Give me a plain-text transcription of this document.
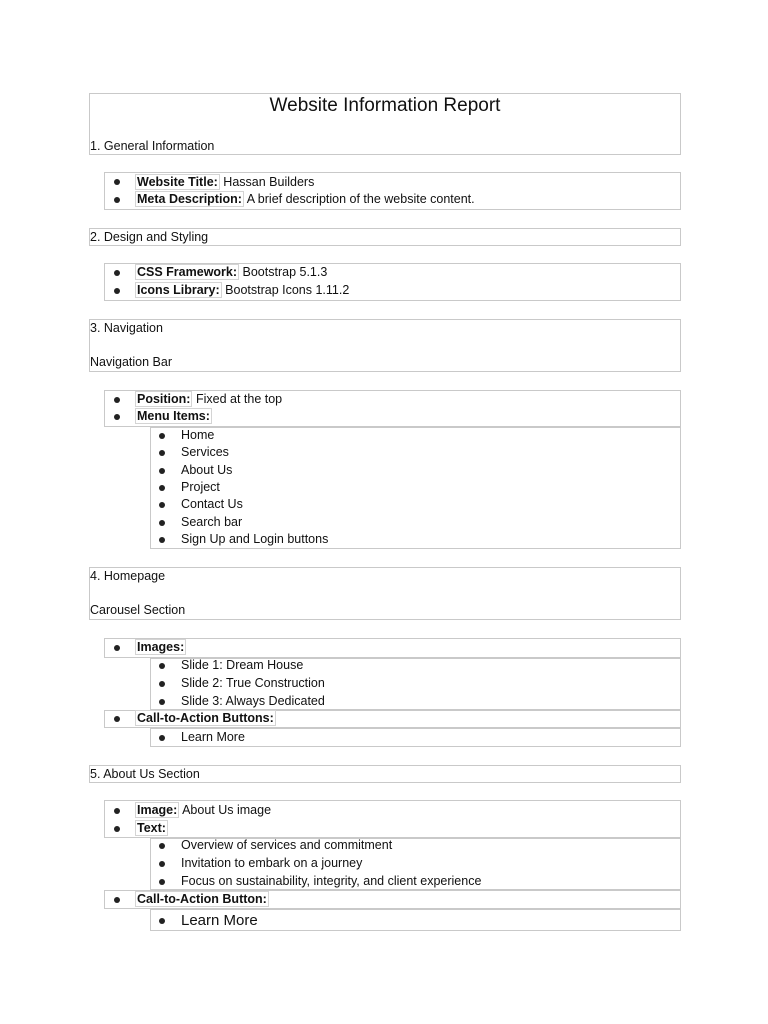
Website Information Report
1. General Information
Website Title: Hassan Builders
Meta Description: A brief description of the website content.
2. Design and Styling
CSS Framework: Bootstrap 5.1.3
Icons Library: Bootstrap Icons 1.11.2
3. Navigation
Navigation Bar
Position: Fixed at the top
Menu Items:
Home
Services
About Us
Project
Contact Us
Search bar
Sign Up and Login buttons
4. Homepage
Carousel Section
Images:
Slide 1: Dream House
Slide 2: True Construction
Slide 3: Always Dedicated
Call-to-Action Buttons:
Learn More
5. About Us Section
Image: About Us image
Text:
Overview of services and commitment
Invitation to embark on a journey
Focus on sustainability, integrity, and client experience
Call-to-Action Button:
Learn More
